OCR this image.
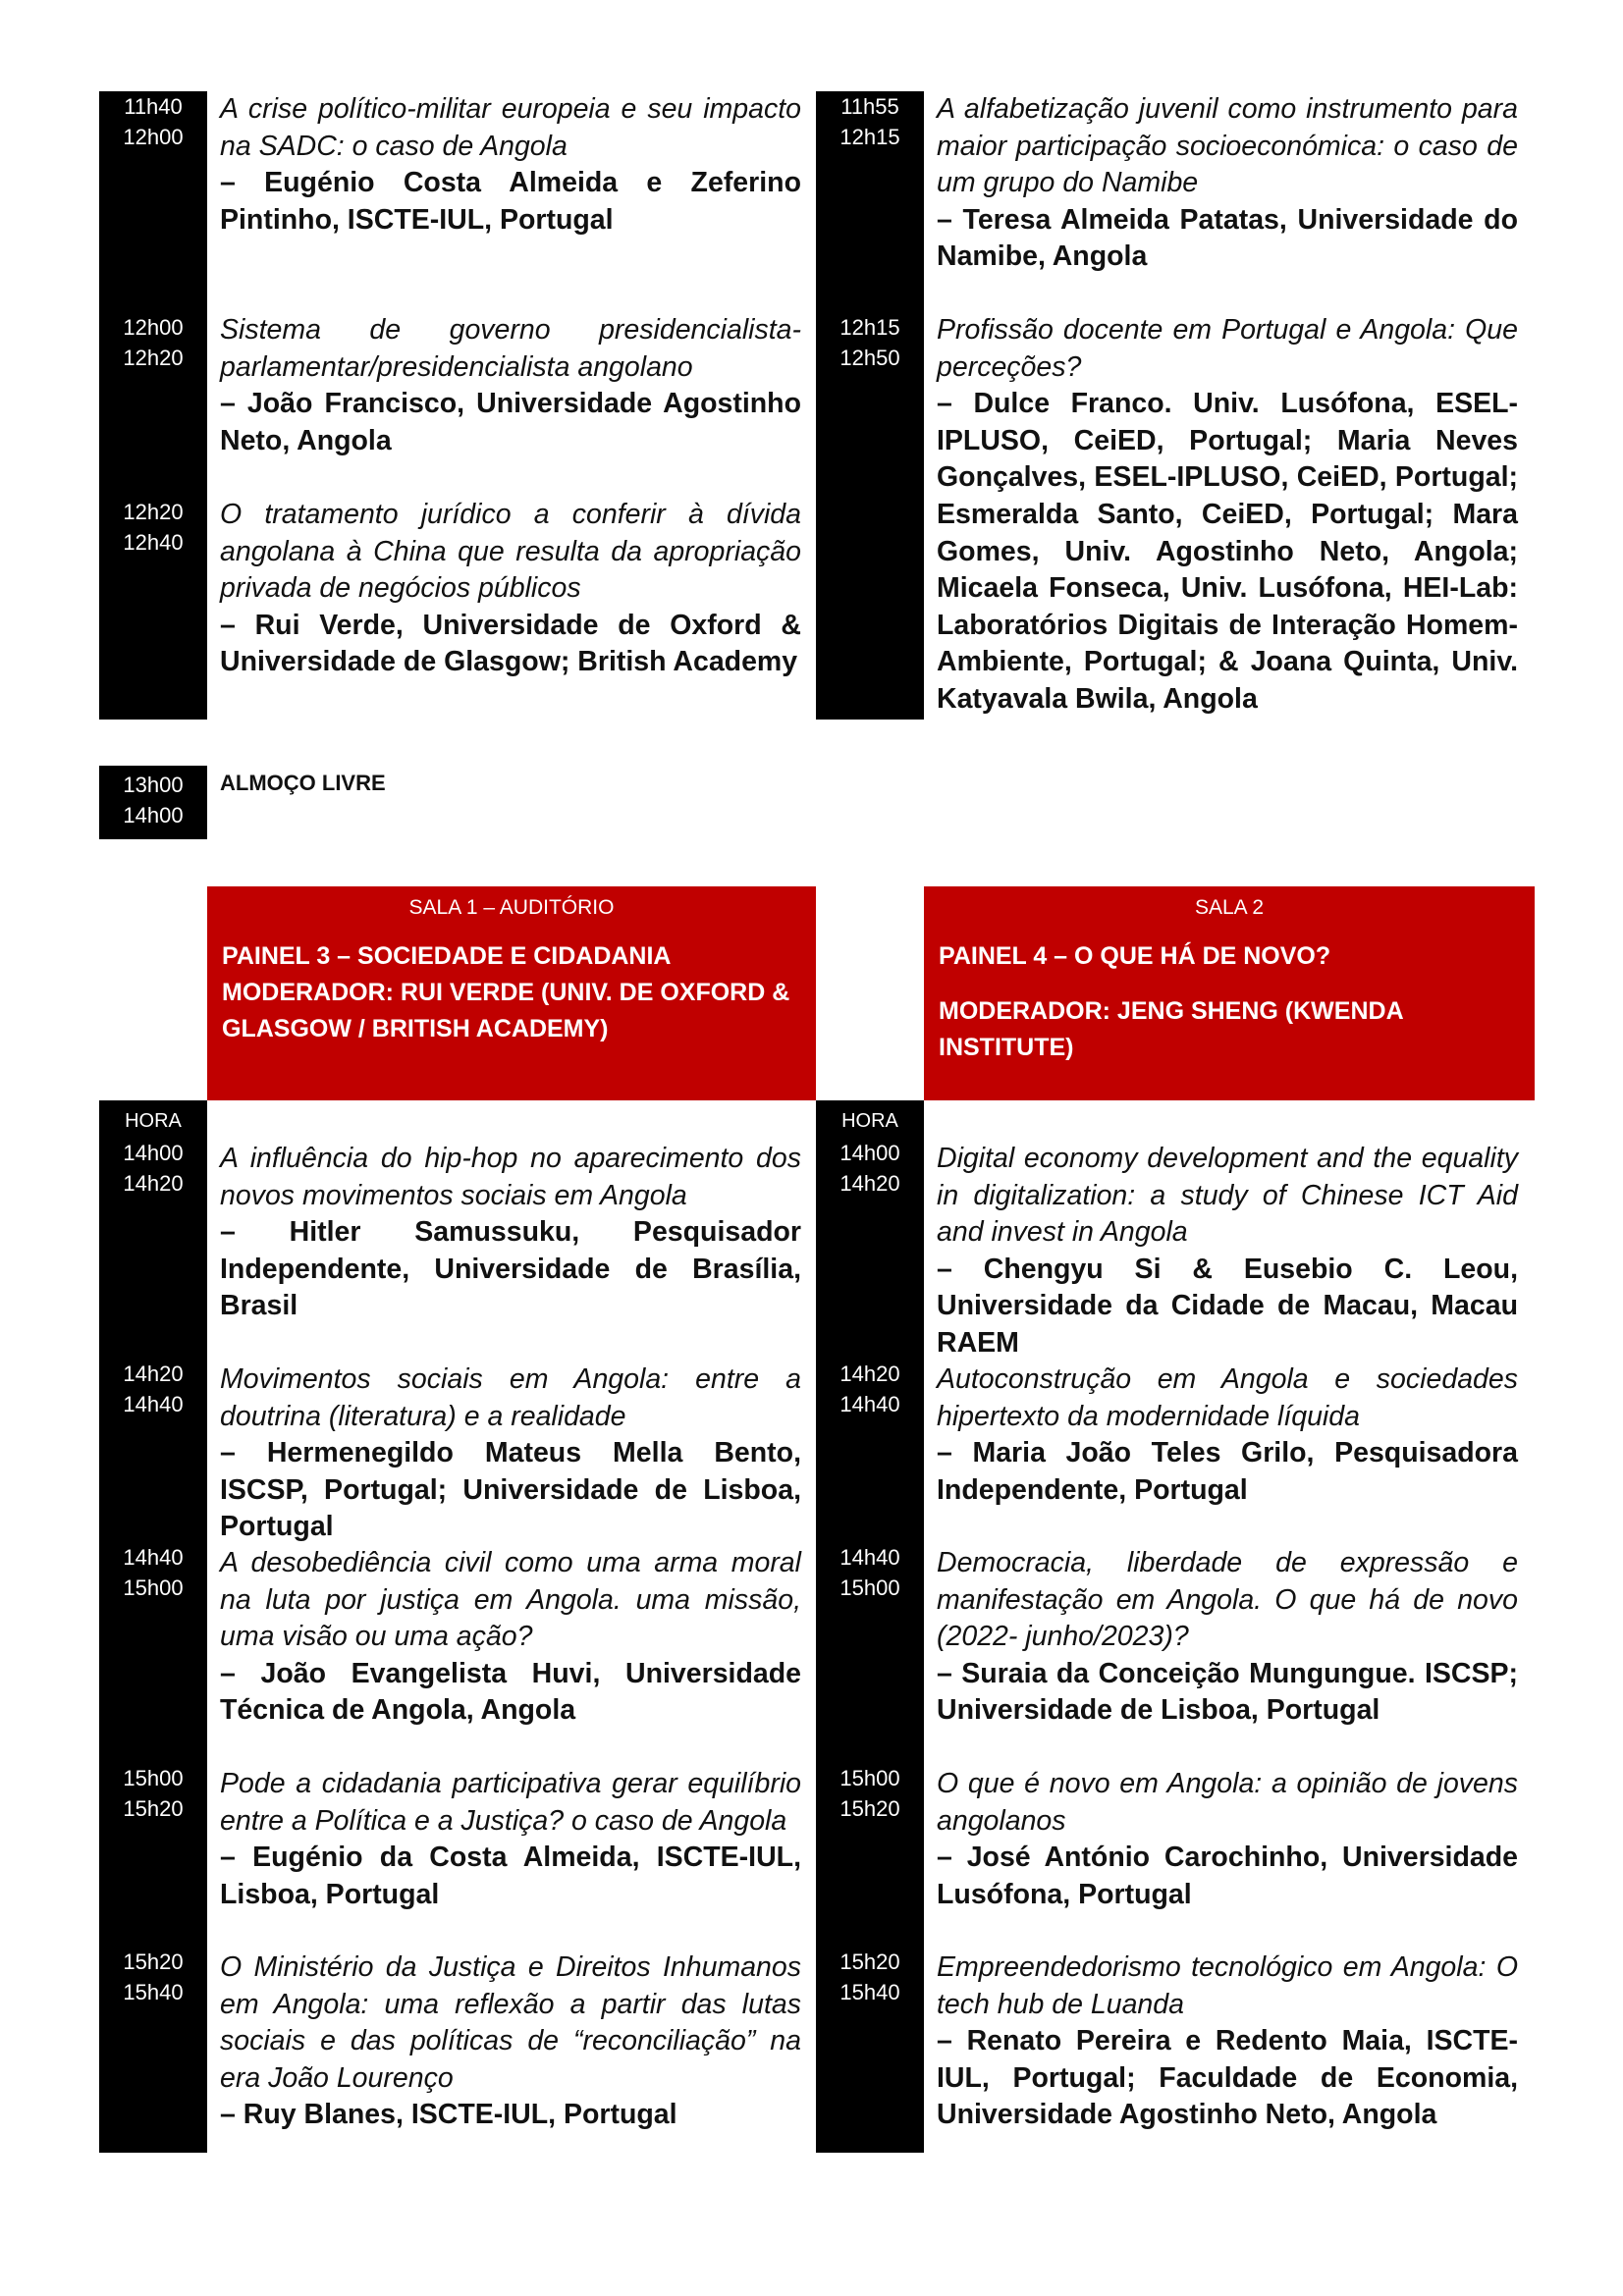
11h40
12h00
12h00
12h20
12h20
12h40
A crise político-militar europeia e seu impacto na SADC: o caso de Angola
– Eugénio Costa Almeida e Zeferino Pintinho, ISCTE-IUL, Portugal
Sistema de governo presidencialista-parlamentar/presidencialista angolano
– João Francisco, Universidade Agostinho Neto, Angola
O tratamento jurídico a conferir à dívida angolana à China que resulta da apropriação privada de negócios públicos
– Rui Verde, Universidade de Oxford & Universidade de Glasgow; British Academy
11h55
12h15
12h15
12h50
A alfabetização juvenil como instrumento para maior participação socioeconómica: o caso de um grupo do Namibe
– Teresa Almeida Patatas, Universidade do Namibe, Angola
Profissão docente em Portugal e Angola: Que perceções?
– Dulce Franco. Univ. Lusófona, ESEL-IPLUSO, CeiED, Portugal; Maria Neves Gonçalves, ESEL-IPLUSO, CeiED, Portugal; Esmeralda Santo, CeiED, Portugal; Mara Gomes, Univ. Agostinho Neto, Angola; Micaela Fonseca, Univ. Lusófona, HEI-Lab: Laboratórios Digitais de Interação Homem-Ambiente, Portugal; & Joana Quinta, Univ. Katyavala Bwila, Angola
13h00
14h00
ALMOÇO LIVRE
SALA 1 – AUDITÓRIO
PAINEL 3 – SOCIEDADE E CIDADANIA
MODERADOR: RUI VERDE (UNIV. DE OXFORD &
GLASGOW / BRITISH ACADEMY)
SALA 2
PAINEL 4 – O QUE HÁ DE NOVO?
MODERADOR: JENG SHENG (KWENDA INSTITUTE)
HORA
14h00
14h20
14h20
14h40
14h40
15h00
15h00
15h20
15h20
15h40
A influência do hip-hop no aparecimento dos novos movimentos sociais em Angola
– Hitler Samussuku, Pesquisador Independente, Universidade de Brasília, Brasil
Movimentos sociais em Angola: entre a doutrina (literatura) e a realidade
– Hermenegildo Mateus Mella Bento, ISCSP, Portugal; Universidade de Lisboa, Portugal
A desobediência civil como uma arma moral na luta por justiça em Angola. uma missão, uma visão ou uma ação?
– João Evangelista Huvi, Universidade Técnica de Angola, Angola
Pode a cidadania participativa gerar equilíbrio entre a Política e a Justiça? o caso de Angola
– Eugénio da Costa Almeida, ISCTE-IUL, Lisboa, Portugal
O Ministério da Justiça e Direitos Inhumanos em Angola: uma reflexão a partir das lutas sociais e das políticas de “reconciliação” na era João Lourenço
– Ruy Blanes, ISCTE-IUL, Portugal
HORA
14h00
14h20
14h20
14h40
14h40
15h00
15h00
15h20
15h20
15h40
Digital economy development and the equality in digitalization: a study of Chinese ICT Aid and invest in Angola
– Chengyu Si & Eusebio C. Leou, Universidade da Cidade de Macau, Macau RAEM
Autoconstrução em Angola e sociedades hipertexto da modernidade líquida
– Maria João Teles Grilo, Pesquisadora Independente, Portugal
Democracia, liberdade de expressão e manifestação em Angola. O que há de novo (2022- junho/2023)?
– Suraia da Conceição Mungungue. ISCSP; Universidade de Lisboa, Portugal
O que é novo em Angola: a opinião de jovens angolanos
– José António Carochinho, Universidade Lusófona, Portugal
Empreendedorismo tecnológico em Angola: O tech hub de Luanda
– Renato Pereira e Redento Maia, ISCTE-IUL, Portugal; Faculdade de Economia, Universidade Agostinho Neto, Angola
